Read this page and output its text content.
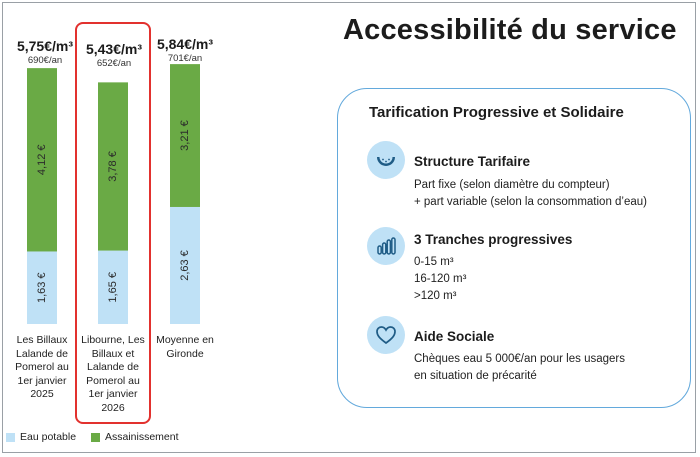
1,63 €
4,12 €
1,65 €
3,78 €
2,63 €
3,21 €
5,75€/m³
690€/an
5,43€/m³
652€/an
5,84€/m³
701€/an
Les Billaux
Lalande de
Pomerol au
1er janvier
2025
Libourne, Les
Billaux et
Lalande de
Pomerol au
1er janvier
2026
Moyenne en
Gironde
Eau potable
	Assainissement
Accessibilité du service
Tarification Progressive et Solidaire
Structure Tarifaire
Part fixe (selon diamètre du compteur)
+ part variable (selon la consommation d’eau)
3 Tranches progressives
0-15 m³
16-120 m³
>120 m³
Aide Sociale
Chèques eau 5 000€/an pour les usagers
en situation de précarité
